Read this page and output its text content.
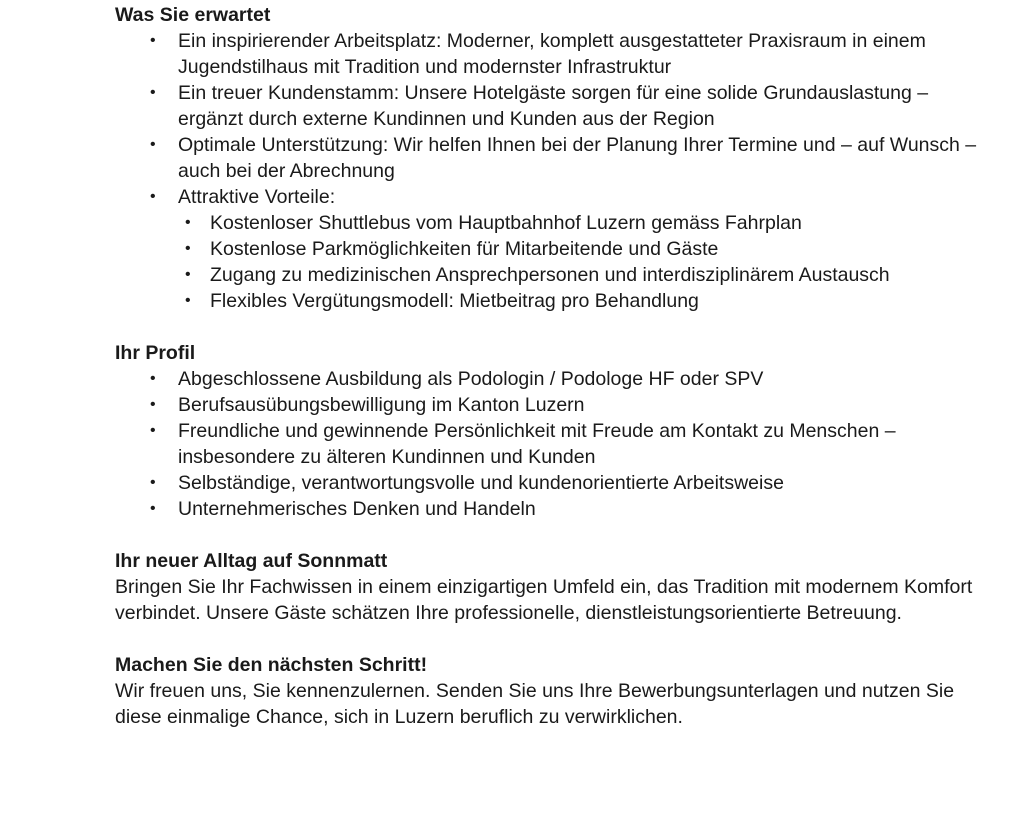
Was Sie erwartet
• Ein inspirierender Arbeitsplatz: Moderner, komplett ausgestatteter Praxisraum in einem Jugendstilhaus mit Tradition und modernster Infrastruktur
• Ein treuer Kundenstamm: Unsere Hotelgäste sorgen für eine solide Grundauslastung – ergänzt durch externe Kundinnen und Kunden aus der Region
• Optimale Unterstützung: Wir helfen Ihnen bei der Planung Ihrer Termine und – auf Wunsch – auch bei der Abrechnung
• Attraktive Vorteile:
• Kostenloser Shuttlebus vom Hauptbahnhof Luzern gemäss Fahrplan
• Kostenlose Parkmöglichkeiten für Mitarbeitende und Gäste
• Zugang zu medizinischen Ansprechpersonen und interdisziplinärem Austausch
• Flexibles Vergütungsmodell: Mietbeitrag pro Behandlung
Ihr Profil
• Abgeschlossene Ausbildung als Podologin / Podologe HF oder SPV
• Berufsausübungsbewilligung im Kanton Luzern
• Freundliche und gewinnende Persönlichkeit mit Freude am Kontakt zu Menschen – insbesondere zu älteren Kundinnen und Kunden
• Selbständige, verantwortungsvolle und kundenorientierte Arbeitsweise
• Unternehmerisches Denken und Handeln
Ihr neuer Alltag auf Sonnmatt

Bringen Sie Ihr Fachwissen in einem einzigartigen Umfeld ein, das Tradition mit modernem Komfort verbindet. Unsere Gäste schätzen Ihre professionelle, dienstleistungsorientierte Betreuung.

Machen Sie den nächsten Schritt!

Wir freuen uns, Sie kennenzulernen. Senden Sie uns Ihre Bewerbungsunterlagen und nutzen Sie diese einmalige Chance, sich in Luzern beruflich zu verwirklichen.
